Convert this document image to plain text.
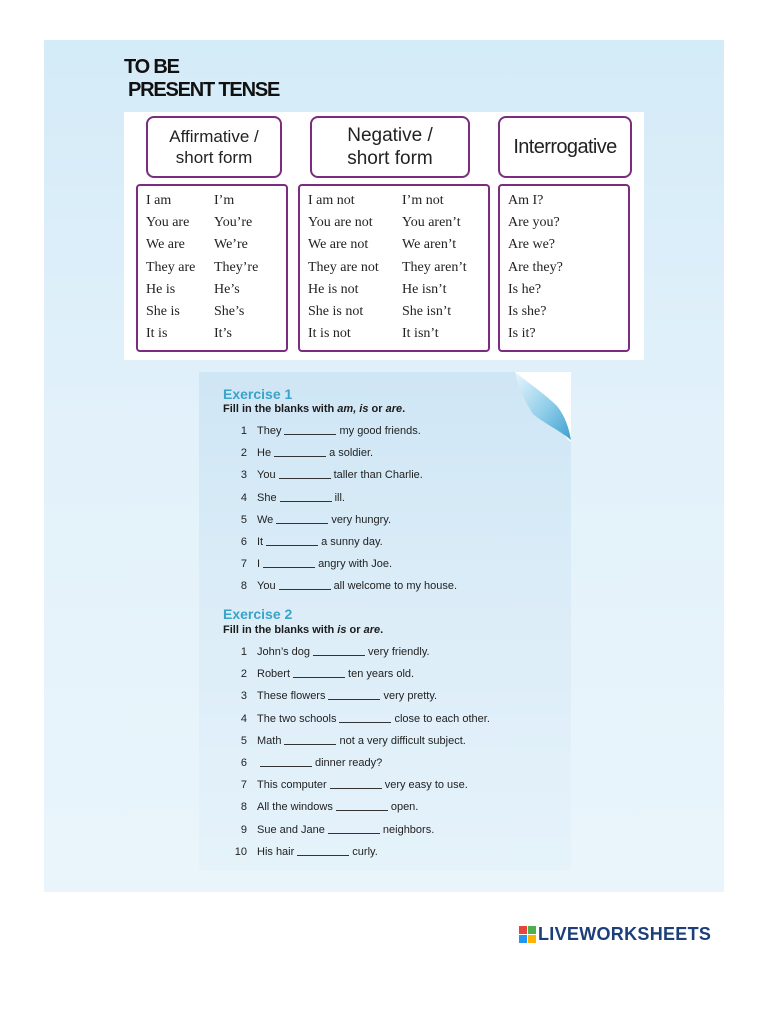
TO BE
PRESENT TENSE
Affirmative /
short form
Negative /
short form
Interrogative
I am	I’m
You are	You’re
We are	We’re
They are	They’re
He is	He’s
She is	She’s
It is	It’s
I am not	I’m not
You are not	You aren’t
We are not	We aren’t
They are not	They aren’t
He is not	He isn’t
She is not	She isn’t
It is not	It isn’t
Am I?
Are you?
Are we?
Are they?
Is he?
Is she?
Is it?
Exercise 1
Fill in the blanks with am, is or are.
1 They	my good friends.
2 He	a soldier.
3 You	taller than Charlie.
4 She	ill.
5 We	very hungry.
6 It	a sunny day.
7 I	angry with Joe.
8 You	all welcome to my house.
Exercise 2
Fill in the blanks with is or are.
1 John’s dog	very friendly.
2 Robert	ten years old.
3 These flowers	very pretty.
4 The two schools	close to each other.
5 Math	not a very difficult subject.
6	dinner ready?
7 This computer	very easy to use.
8 All the windows	open.
9 Sue and Jane	neighbors.
10 His hair	curly.
LIVEWORKSHEETS
